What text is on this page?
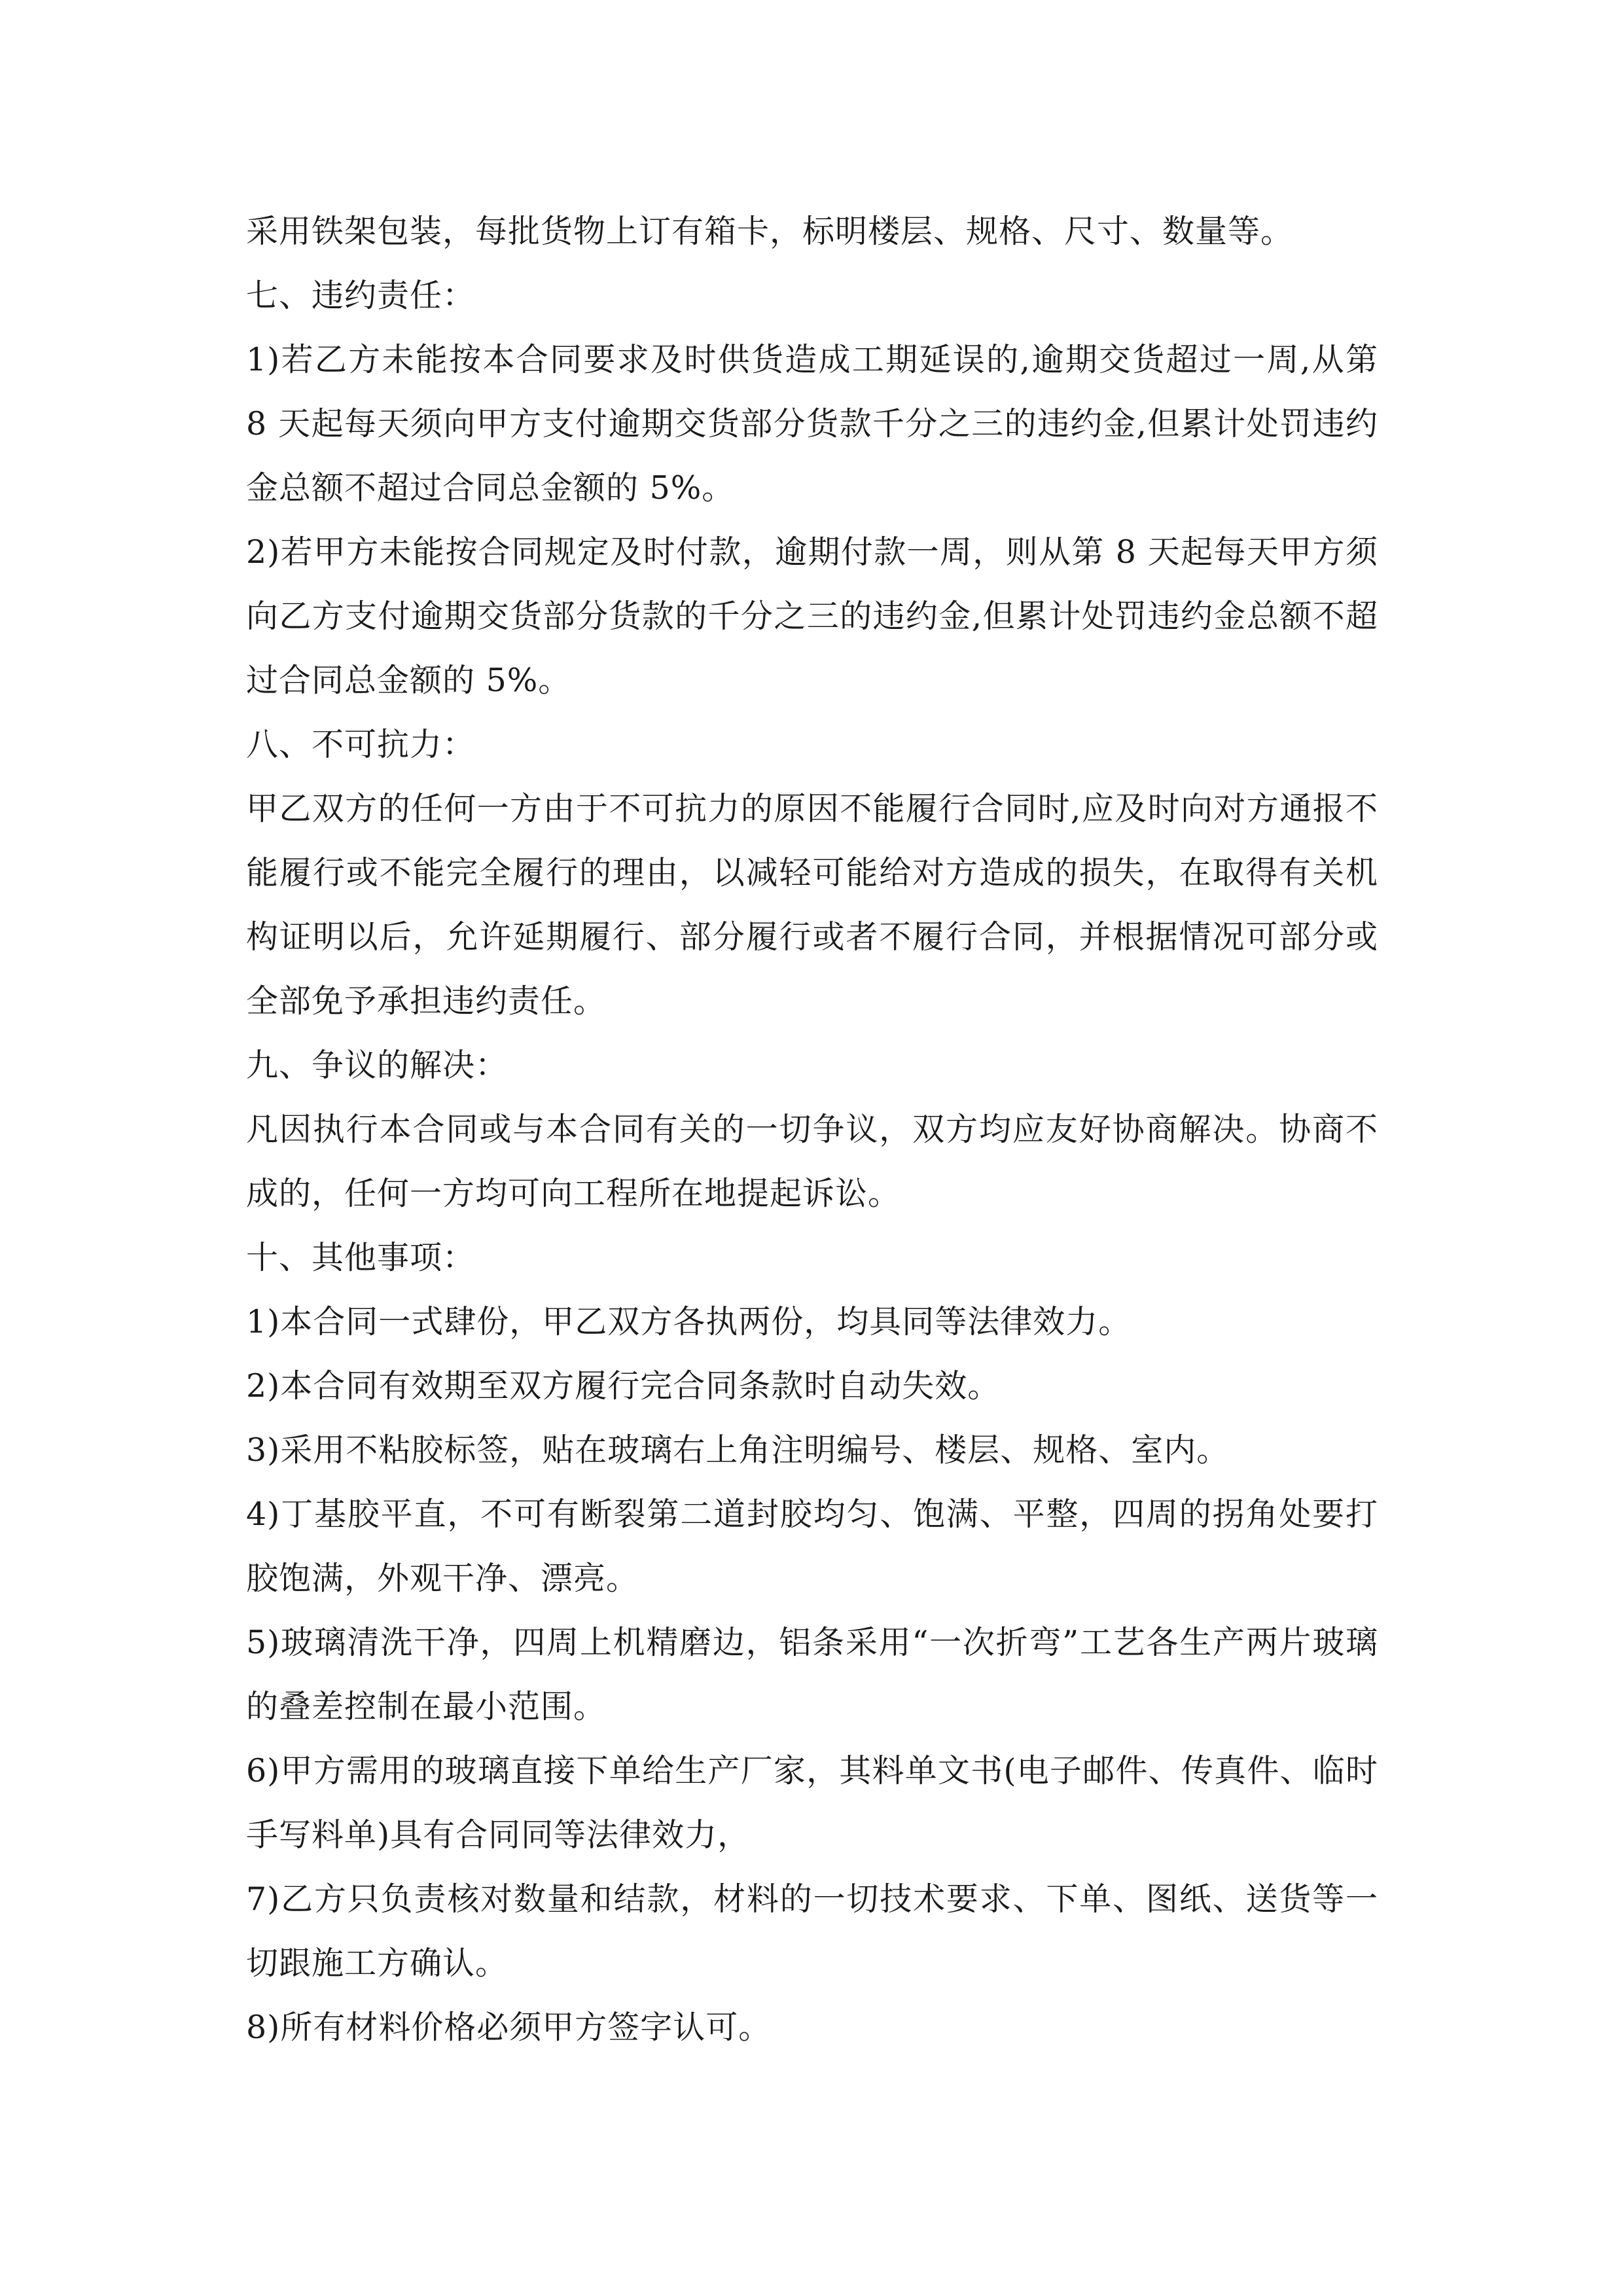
采用铁架包装，每批货物上订有箱卡，标明楼层、规格、尺寸、数量等。

七、违约责任：

1)若乙方未能按本合同要求及时供货造成工期延误的,逾期交货超过一周,从第 8 天起每天须向甲方支付逾期交货部分货款千分之三的违约金,但累计处罚违约金总额不超过合同总金额的 5%。

2)若甲方未能按合同规定及时付款，逾期付款一周，则从第 8 天起每天甲方须向乙方支付逾期交货部分货款的千分之三的违约金,但累计处罚违约金总额不超过合同总金额的 5%。

八、不可抗力：

甲乙双方的任何一方由于不可抗力的原因不能履行合同时,应及时向对方通报不能履行或不能完全履行的理由，以减轻可能给对方造成的损失，在取得有关机构证明以后，允许延期履行、部分履行或者不履行合同，并根据情况可部分或全部免予承担违约责任。

九、争议的解决：

凡因执行本合同或与本合同有关的一切争议，双方均应友好协商解决。协商不成的，任何一方均可向工程所在地提起诉讼。

十、其他事项：

1)本合同一式肆份，甲乙双方各执两份，均具同等法律效力。

2)本合同有效期至双方履行完合同条款时自动失效。

3)采用不粘胶标签，贴在玻璃右上角注明编号、楼层、规格、室内。

4)丁基胶平直，不可有断裂第二道封胶均匀、饱满、平整，四周的拐角处要打胶饱满，外观干净、漂亮。

5)玻璃清洗干净，四周上机精磨边，铝条采用“一次折弯”工艺各生产两片玻璃的叠差控制在最小范围。

6)甲方需用的玻璃直接下单给生产厂家，其料单文书(电子邮件、传真件、临时手写料单)具有合同同等法律效力，

7)乙方只负责核对数量和结款，材料的一切技术要求、下单、图纸、送货等一切跟施工方确认。

8)所有材料价格必须甲方签字认可。
